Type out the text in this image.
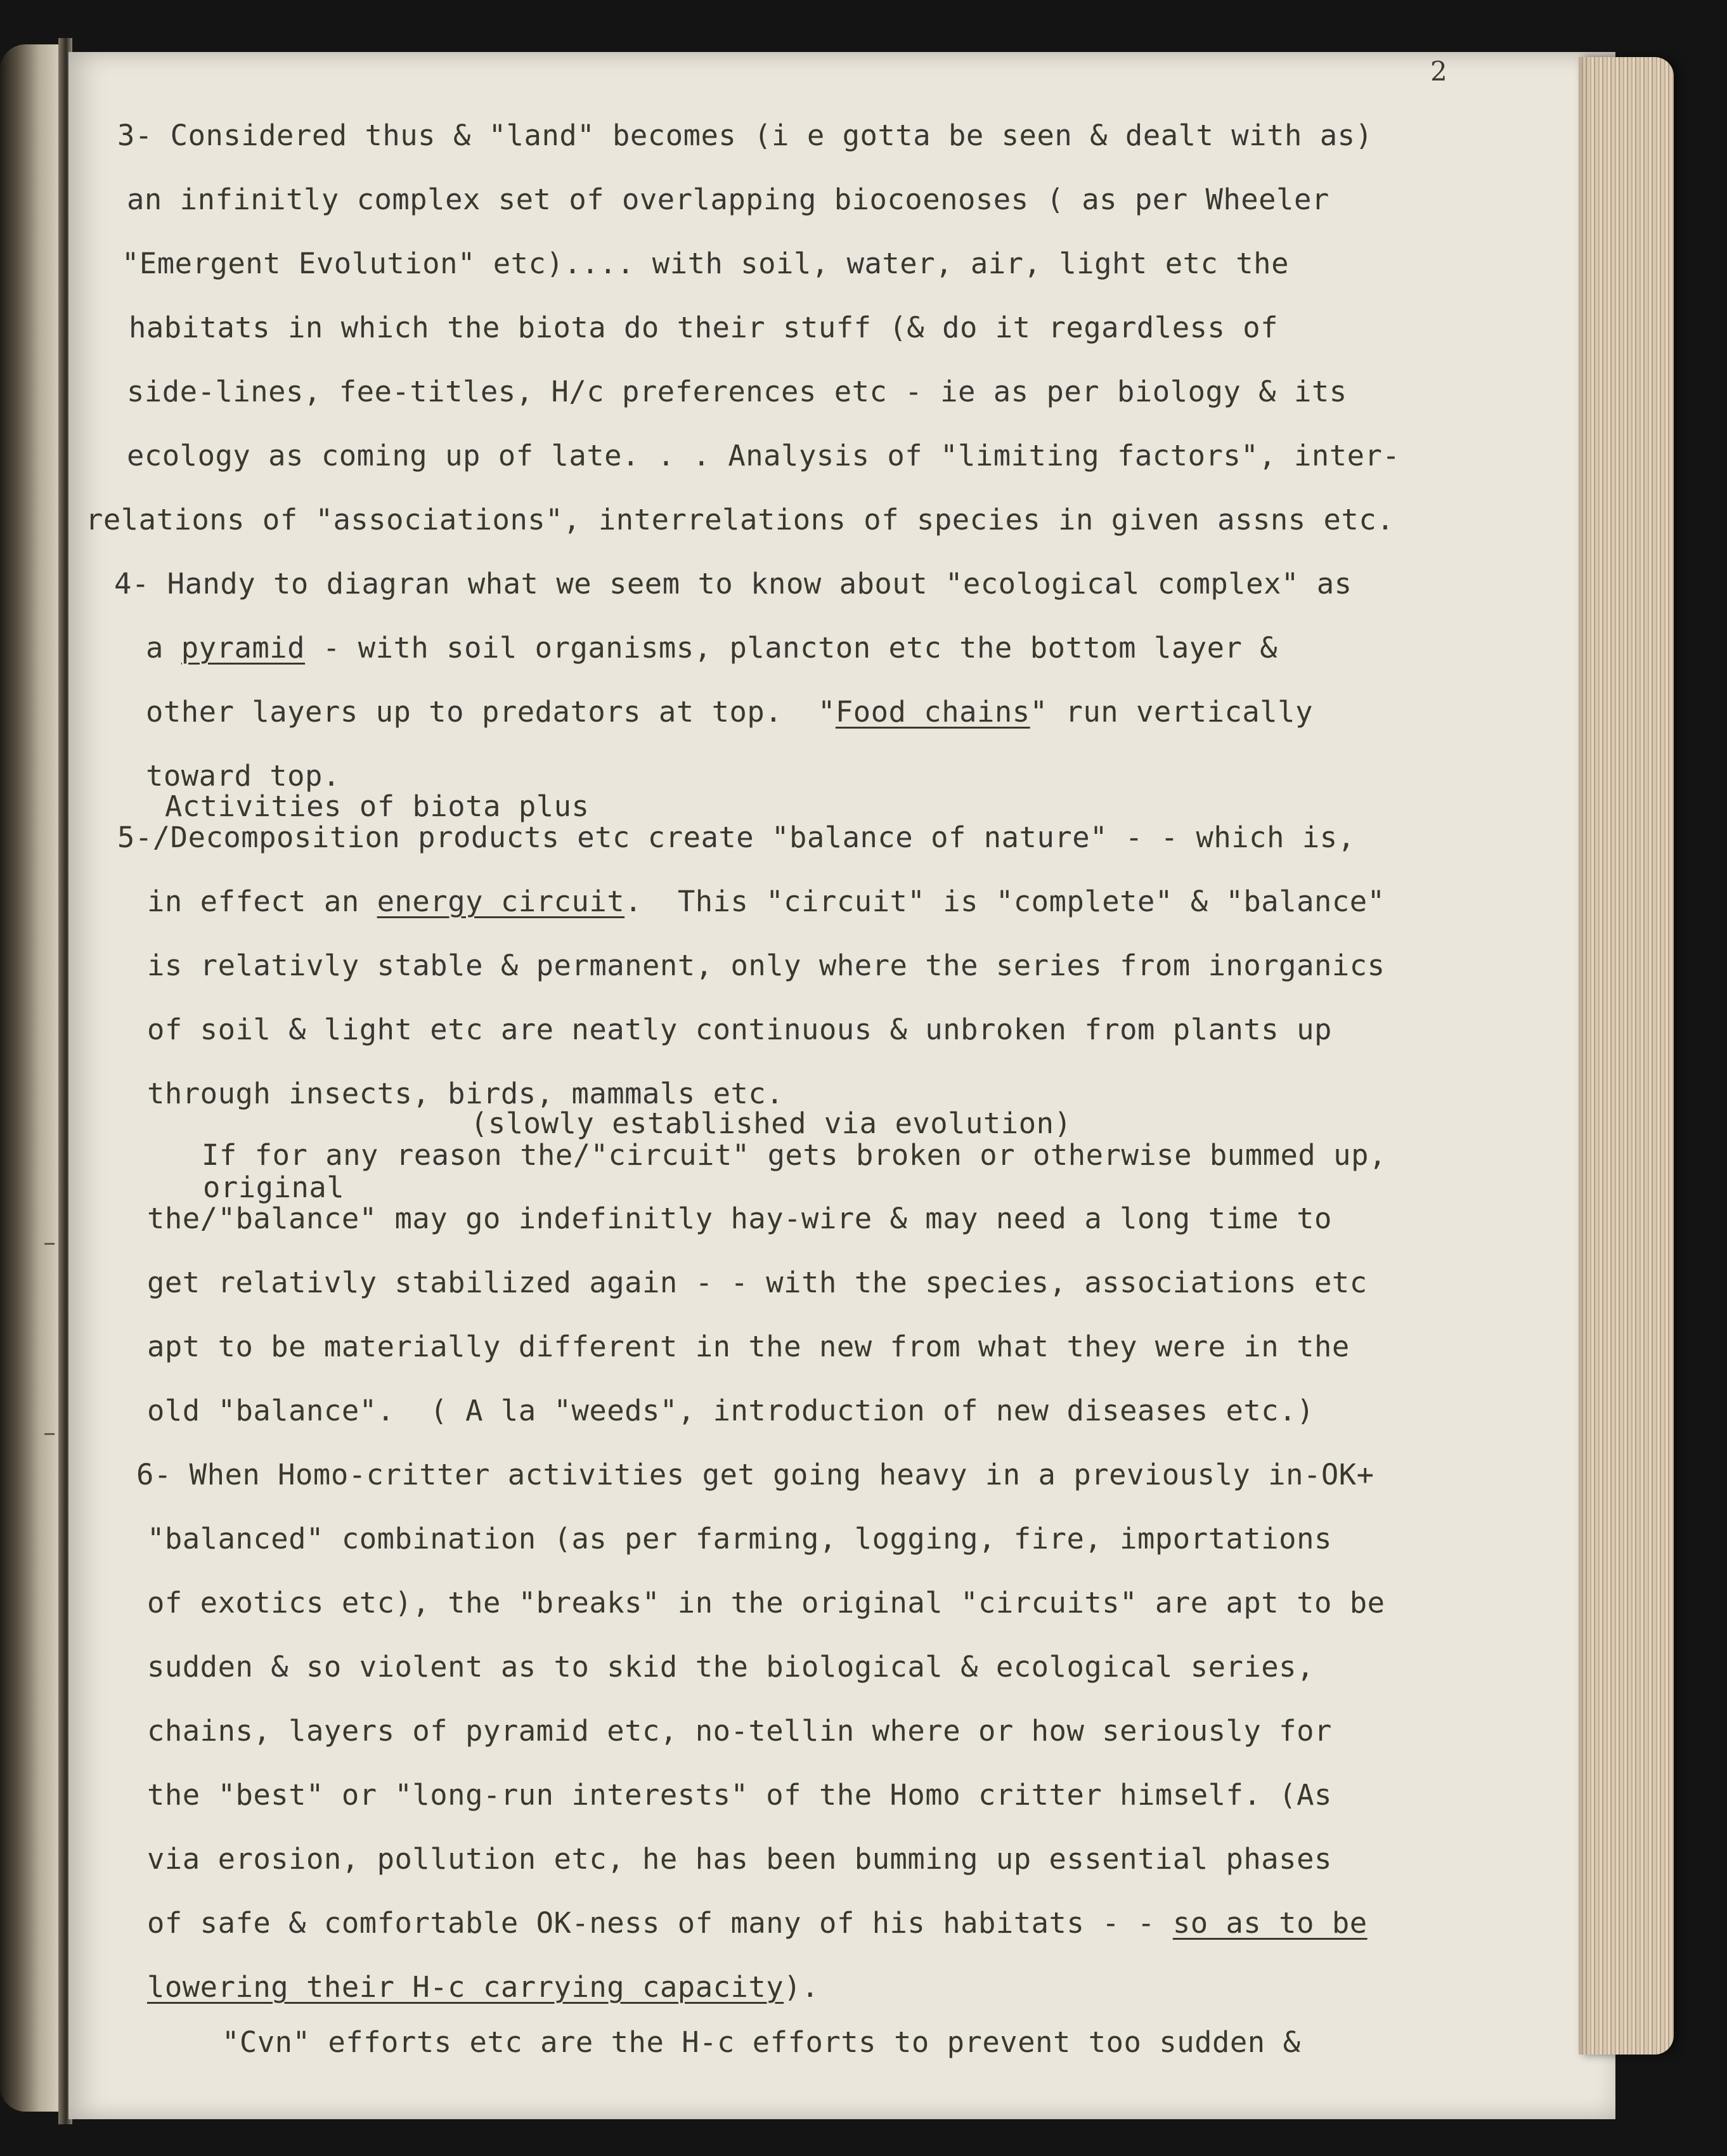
2
3- Considered thus & "land" becomes (i e gotta be seen & dealt with as)
an infinitly complex set of overlapping biocoenoses ( as per Wheeler
"Emergent Evolution" etc).... with soil, water, air, light etc the
habitats in which the biota do their stuff (& do it regardless of
side-lines, fee-titles, H/c preferences etc - ie as per biology & its
ecology as coming up of late. . . Analysis of "limiting factors", inter-
relations of "associations", interrelations of species in given assns etc.
4- Handy to diagran what we seem to know about "ecological complex" as
a pyramid - with soil organisms, plancton etc the bottom layer &
other layers up to predators at top.  "Food chains" run vertically
toward top.
Activities of biota plus
5-/Decomposition products etc create "balance of nature" - - which is,
in effect an energy circuit.  This "circuit" is "complete" & "balance"
is relativly stable & permanent, only where the series from inorganics
of soil & light etc are neatly continuous & unbroken from plants up
through insects, birds, mammals etc.
(slowly established via evolution)
If for any reason the/"circuit" gets broken or otherwise bummed up,
original
the/"balance" may go indefinitly hay-wire & may need a long time to
get relativly stabilized again - - with the species, associations etc
apt to be materially different in the new from what they were in the
old "balance".  ( A la "weeds", introduction of new diseases etc.)
6- When Homo-critter activities get going heavy in a previously in-OK+
"balanced" combination (as per farming, logging, fire, importations
of exotics etc), the "breaks" in the original "circuits" are apt to be
sudden & so violent as to skid the biological & ecological series,
chains, layers of pyramid etc, no-tellin where or how seriously for
the "best" or "long-run interests" of the Homo critter himself. (As
via erosion, pollution etc, he has been bumming up essential phases
of safe & comfortable OK-ness of many of his habitats - - so as to be
lowering their H-c carrying capacity).
"Cvn" efforts etc are the H-c efforts to prevent too sudden &
